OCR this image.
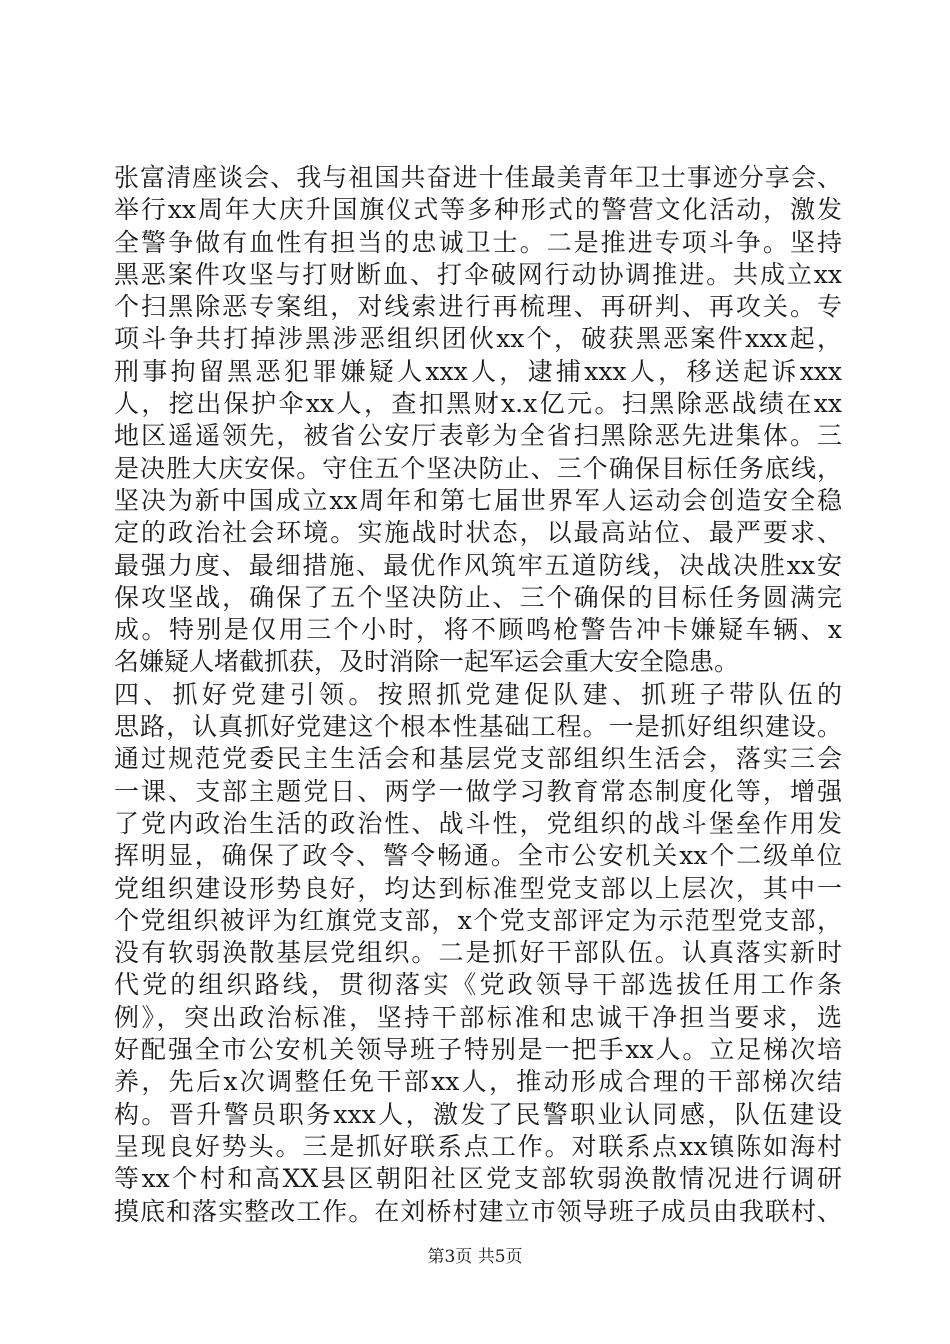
张富清座谈会、我与祖国共奋进十佳最美青年卫士事迹分享会、
举行xx周年大庆升国旗仪式等多种形式的警营文化活动，激发
全警争做有血性有担当的忠诚卫士。二是推进专项斗争。坚持
黑恶案件攻坚与打财断血、打伞破网行动协调推进。共成立xx
个扫黑除恶专案组，对线索进行再梳理、再研判、再攻关。专
项斗争共打掉涉黑涉恶组织团伙xx个，破获黑恶案件xxx起，
刑事拘留黑恶犯罪嫌疑人xxx人，逮捕xxx人，移送起诉xxx
人，挖出保护伞xx人，查扣黑财x.x亿元。扫黑除恶战绩在xx
地区遥遥领先，被省公安厅表彰为全省扫黑除恶先进集体。三
是决胜大庆安保。守住五个坚决防止、三个确保目标任务底线，
坚决为新中国成立xx周年和第七届世界军人运动会创造安全稳
定的政治社会环境。实施战时状态，以最高站位、最严要求、
最强力度、最细措施、最优作风筑牢五道防线，决战决胜xx安
保攻坚战，确保了五个坚决防止、三个确保的目标任务圆满完
成。特别是仅用三个小时，将不顾鸣枪警告冲卡嫌疑车辆、x
名嫌疑人堵截抓获，及时消除一起军运会重大安全隐患。
四、抓好党建引领。按照抓党建促队建、抓班子带队伍的
思路，认真抓好党建这个根本性基础工程。一是抓好组织建设。
通过规范党委民主生活会和基层党支部组织生活会，落实三会
一课、支部主题党日、两学一做学习教育常态制度化等，增强
了党内政治生活的政治性、战斗性，党组织的战斗堡垒作用发
挥明显，确保了政令、警令畅通。全市公安机关xx个二级单位
党组织建设形势良好，均达到标准型党支部以上层次，其中一
个党组织被评为红旗党支部，x个党支部评定为示范型党支部，
没有软弱涣散基层党组织。二是抓好干部队伍。认真落实新时
代党的组织路线，贯彻落实《党政领导干部选拔任用工作条
例》，突出政治标准，坚持干部标准和忠诚干净担当要求，选
好配强全市公安机关领导班子特别是一把手xx人。立足梯次培
养，先后x次调整任免干部xx人，推动形成合理的干部梯次结
构。晋升警员职务xxx人，激发了民警职业认同感，队伍建设
呈现良好势头。三是抓好联系点工作。对联系点xx镇陈如海村
等xx个村和高XX县区朝阳社区党支部软弱涣散情况进行调研
摸底和落实整改工作。在刘桥村建立市领导班子成员由我联村、
第3页 共5页
